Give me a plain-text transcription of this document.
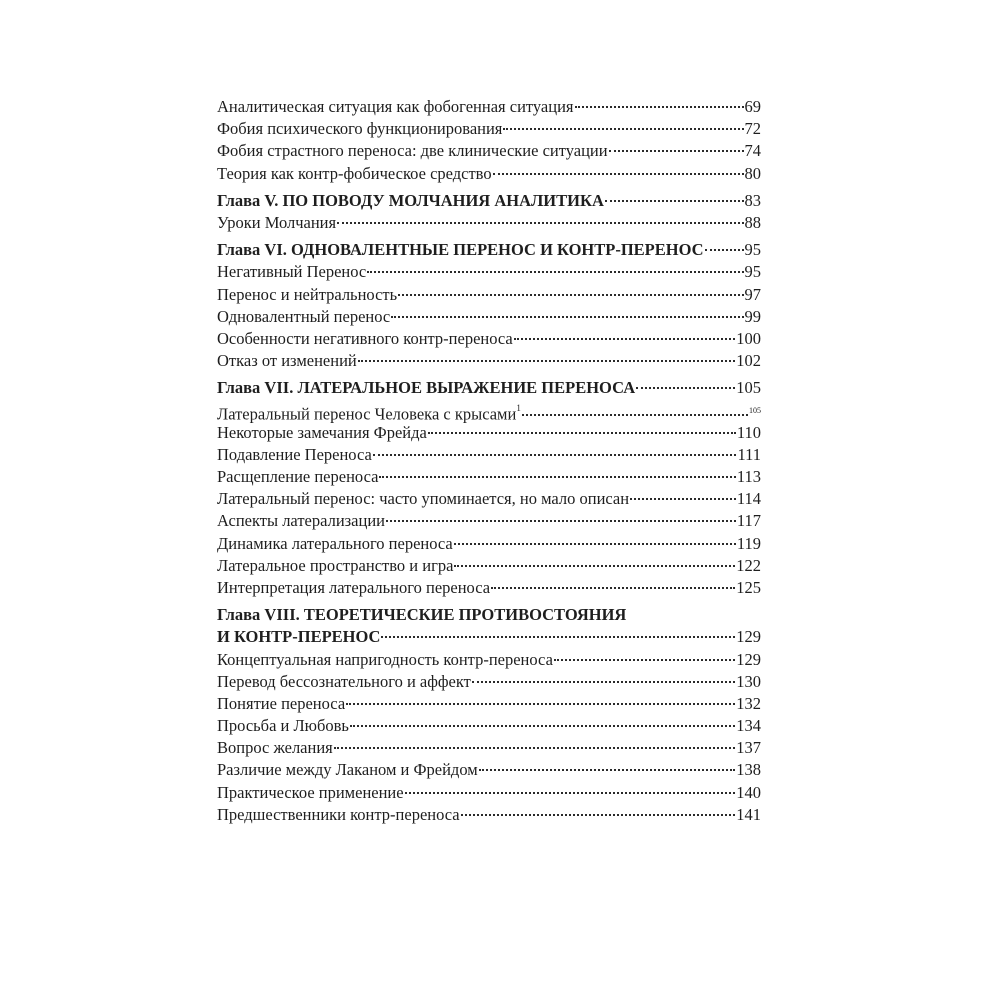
Аналитическая ситуация как фобогенная ситуация	69
Фобия психического функционирования	72
Фобия страстного переноса: две клинические ситуации	74
Теория как контр-фобическое средство	80
Глава V. ПО ПОВОДУ МОЛЧАНИЯ АНАЛИТИКА	83
Уроки Молчания	88
Глава VI. ОДНОВАЛЕНТНЫЕ ПЕРЕНОС И КОНТР-ПЕРЕНОС 95
Негативный Перенос	95
Перенос и нейтральность	97
Одновалентный перенос	99
Особенности негативного контр-переноса	100
Отказ от изменений	102
Глава VII. ЛАТЕРАЛЬНОЕ ВЫРАЖЕНИЕ ПЕРЕНОСА	105
Латеральный перенос Человека с крысами$^1$	105
Некоторые замечания Фрейда	110
Подавление Переноса	111
Расщепление переноса	113
Латеральный перенос: часто упоминается, но мало описан	114
Аспекты латерализации	117
Динамика латерального переноса	119
Латеральное пространство и игра	122
Интерпретация латерального переноса	125
Глава VIII. ТЕОРЕТИЧЕСКИЕ ПРОТИВОСТОЯНИЯ
И КОНТР-ПЕРЕНОС	129
Концептуальная напригодность контр-переноса	129
Перевод бессознательного и аффект	130
Понятие переноса	132
Просьба и Любовь	134
Вопрос желания	137
Различие между Лаканом и Фрейдом	138
Практическое применение	140
Предшественники контр-переноса	141
